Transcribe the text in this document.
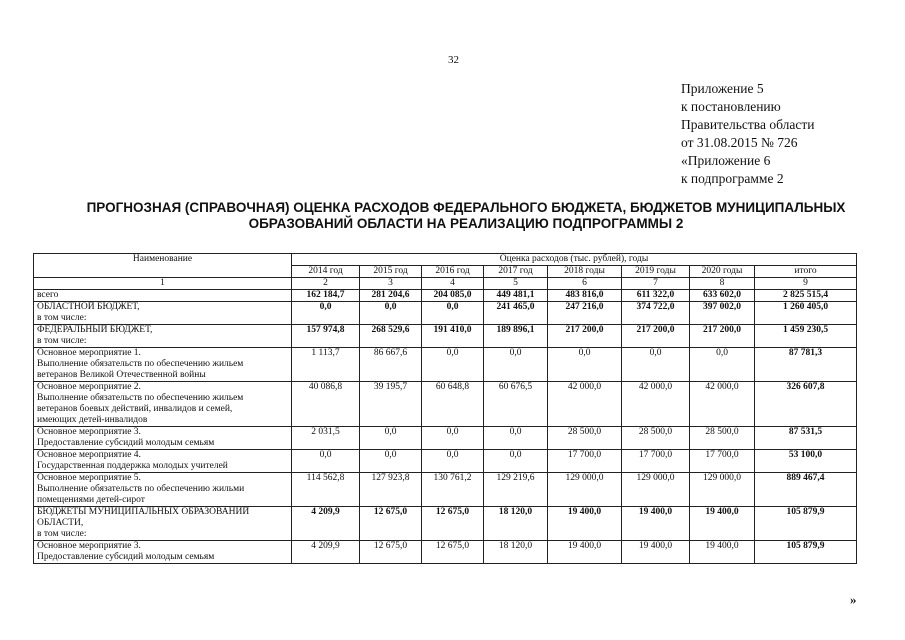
32
Приложение 5
к постановлению
Правительства области
от 31.08.2015 № 726
«Приложение 6
к подпрограмме 2
ПРОГНОЗНАЯ (СПРАВОЧНАЯ) ОЦЕНКА РАСХОДОВ ФЕДЕРАЛЬНОГО БЮДЖЕТА, БЮДЖЕТОВ МУНИЦИПАЛЬНЫХ ОБРАЗОВАНИЙ ОБЛАСТИ НА РЕАЛИЗАЦИЮ ПОДПРОГРАММЫ 2
Наименование	Оценка расходов (тыс. рублей), годы							
	2014 год	2015 год	2016 год	2017 год	2018 годы	2019 годы	2020 годы	итого
1	2	3	4	5	6	7	8	9

всего	162 184,7	281 204,6	204 085,0	449 481,1	483 816,0	611 322,0	633 602,0	2 825 515,4

ОБЛАСТНОЙ БЮДЖЕТ,
в том числе:	0,0	0,0	0,0	241 465,0	247 216,0	374 722,0	397 002,0	1 260 405,0

ФЕДЕРАЛЬНЫЙ БЮДЖЕТ,
в том числе:	157 974,8	268 529,6	191 410,0	189 896,1	217 200,0	217 200,0	217 200,0	1 459 230,5

Основное мероприятие 1.
Выполнение обязательств по обеспечению жильем
ветеранов Великой Отечественной войны	1 113,7	86 667,6	0,0	0,0	0,0	0,0	0,0	87 781,3

Основное мероприятие 2.
Выполнение обязательств по обеспечению жильем
ветеранов боевых действий, инвалидов и семей,
имеющих детей-инвалидов	40 086,8	39 195,7	60 648,8	60 676,5	42 000,0	42 000,0	42 000,0	326 607,8

Основное мероприятие 3.
Предоставление субсидий молодым семьям	2 031,5	0,0	0,0	0,0	28 500,0	28 500,0	28 500,0	87 531,5

Основное мероприятие 4.
Государственная поддержка молодых учителей	0,0	0,0	0,0	0,0	17 700,0	17 700,0	17 700,0	53 100,0

Основное мероприятие 5.
Выполнение обязательств по обеспечению жильми
помещениями детей-сирот	114 562,8	127 923,8	130 761,2	129 219,6	129 000,0	129 000,0	129 000,0	889 467,4

БЮДЖЕТЫ МУНИЦИПАЛЬНЫХ ОБРАЗОВАНИЙ
ОБЛАСТИ,
в том числе:	4 209,9	12 675,0	12 675,0	18 120,0	19 400,0	19 400,0	19 400,0	105 879,9

Основное мероприятие 3.
Предоставление субсидий молодым семьям	4 209,9	12 675,0	12 675,0	18 120,0	19 400,0	19 400,0	19 400,0	105 879,9
»
